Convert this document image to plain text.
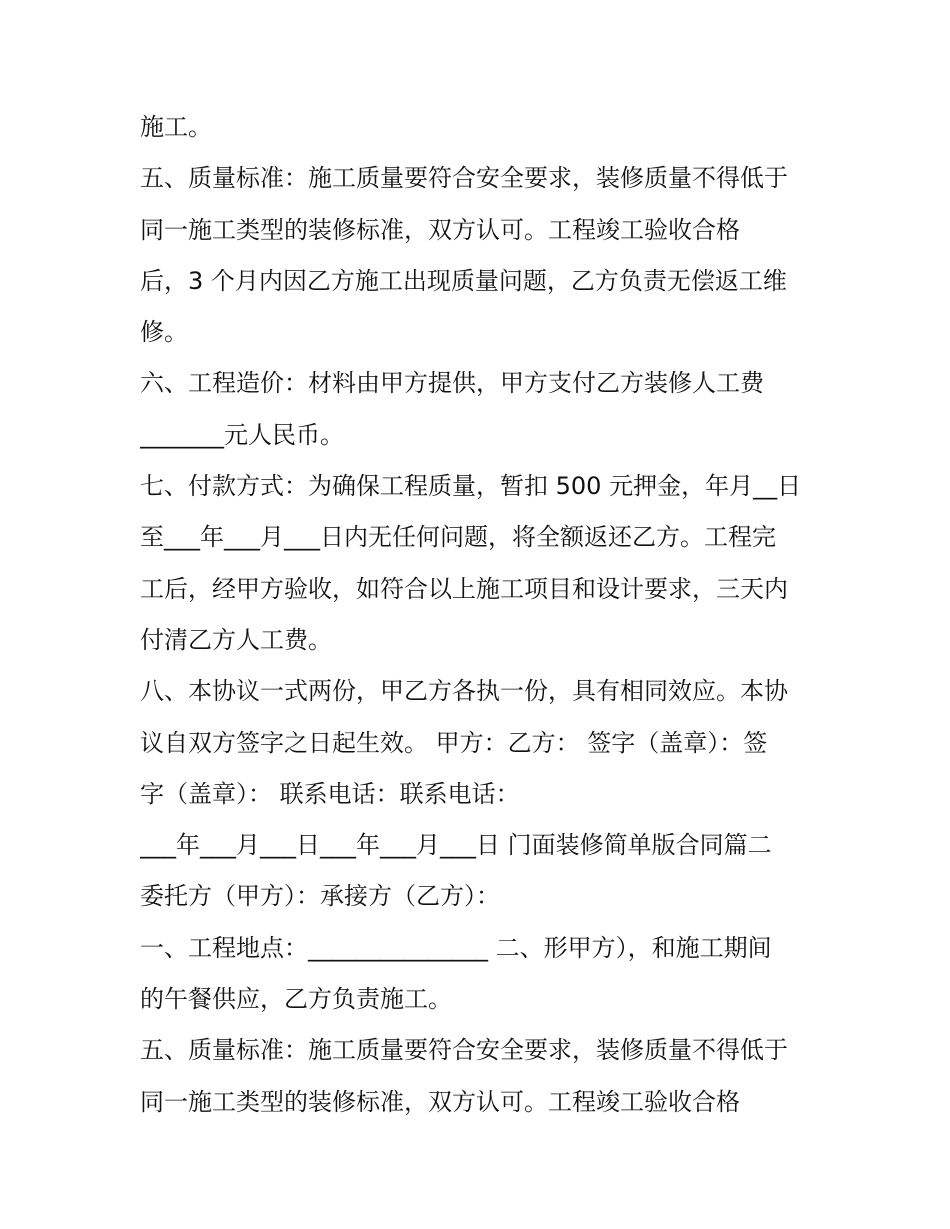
施工。
五、质量标准：施工质量要符合安全要求，装修质量不得低于
同一施工类型的装修标准，双方认可。工程竣工验收合格
后，3 个月内因乙方施工出现质量问题，乙方负责无偿返工维
修。
六、工程造价：材料由甲方提供，甲方支付乙方装修人工费
_______元人民币。
七、付款方式：为确保工程质量，暂扣 500 元押金，年月__日
至___年___月___日内无任何问题，将全额返还乙方。工程完
工后，经甲方验收，如符合以上施工项目和设计要求，三天内
付清乙方人工费。
八、本协议一式两份，甲乙方各执一份，具有相同效应。本协
议自双方签字之日起生效。 甲方：乙方： 签字（盖章）：签
字（盖章）： 联系电话：联系电话：
___年___月___日___年___月___日 门面装修简单版合同篇二
委托方（甲方）：承接方（乙方）：
一、工程地点：_______________ 二、形甲方），和施工期间
的午餐供应，乙方负责施工。
五、质量标准：施工质量要符合安全要求，装修质量不得低于
同一施工类型的装修标准，双方认可。工程竣工验收合格
